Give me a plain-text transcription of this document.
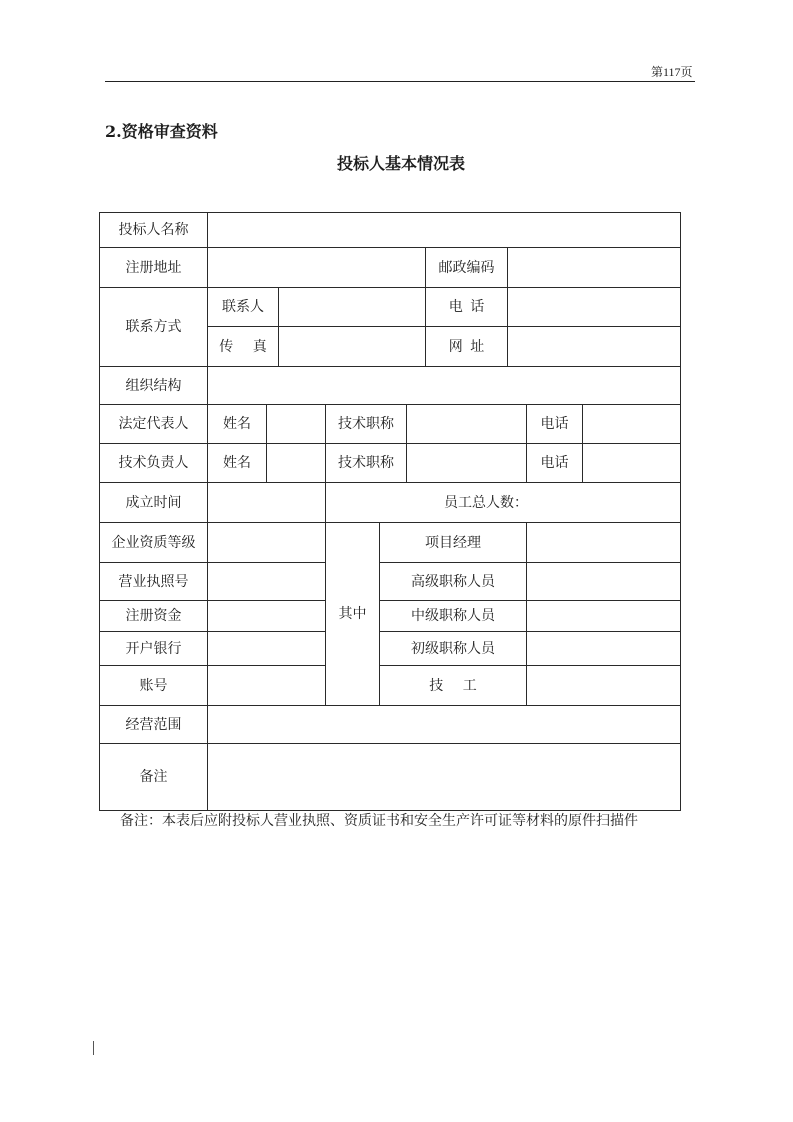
第117页
2.资格审查资料
投标人基本情况表
投标人名称										
注册地址							邮政编码			
联系方式	联系人						电 话			
	传 真						网 址			
组织结构										
法定代表人	姓名			技术职称					电话	
技术负责人	姓名			技术职称					电话	
成立时间				员工总人数：						
企业资质等级				其中	项目经理					
营业执照号					高级职称人员					
注册资金					中级职称人员					
开户银行					初级职称人员					
账号					技 工					
经营范围										
备注										
备注：本表后应附投标人营业执照、资质证书和安全生产许可证等材料的原件扫描件
